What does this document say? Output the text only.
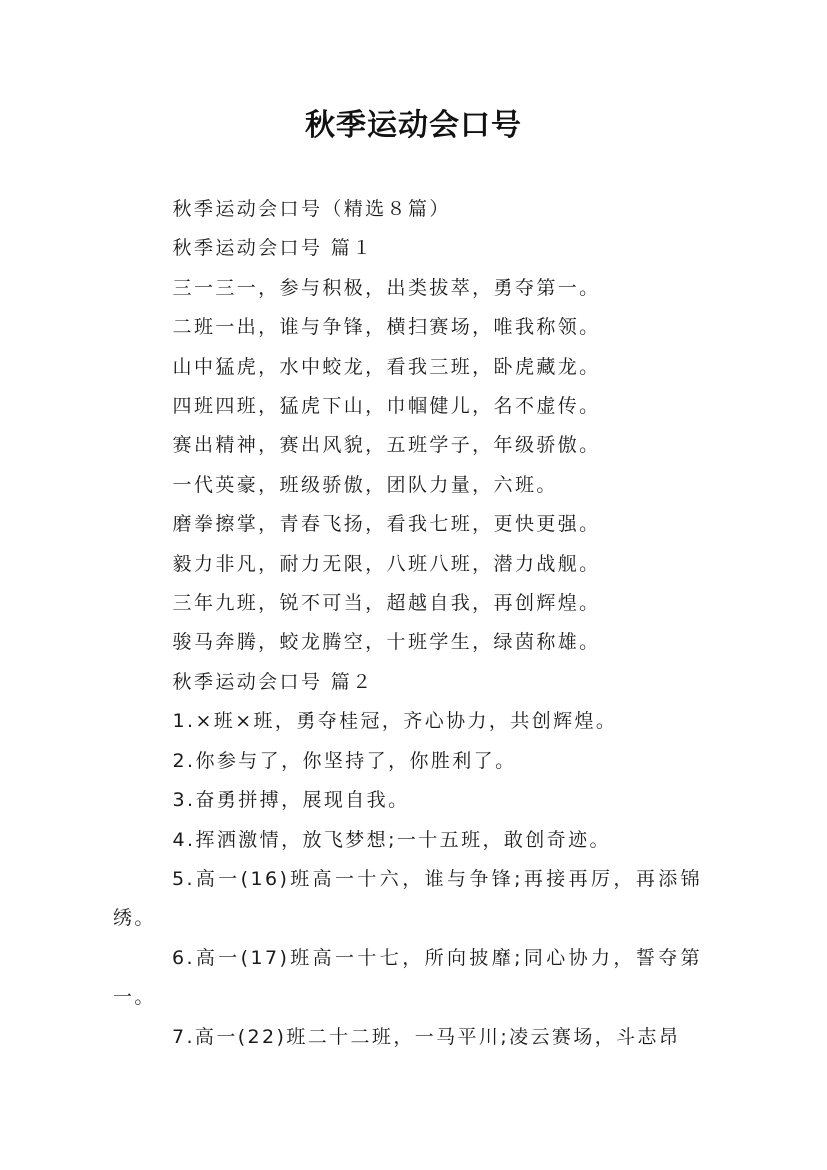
秋季运动会口号

秋季运动会口号（精选８篇）

秋季运动会口号 篇１

三一三一，参与积极，出类拔萃，勇夺第一。

二班一出，谁与争锋，横扫赛场，唯我称领。

山中猛虎，水中蛟龙，看我三班，卧虎藏龙。

四班四班，猛虎下山，巾帼健儿，名不虚传。

赛出精神，赛出风貌，五班学子，年级骄傲。

一代英豪，班级骄傲，团队力量，六班。

磨拳擦掌，青春飞扬，看我七班，更快更强。

毅力非凡，耐力无限，八班八班，潜力战舰。

三年九班，锐不可当，超越自我，再创辉煌。

骏马奔腾，蛟龙腾空，十班学生，绿茵称雄。

秋季运动会口号 篇２

1.×班×班，勇夺桂冠，齐心协力，共创辉煌。

2.你参与了，你坚持了，你胜利了。

3.奋勇拼搏，展现自我。

4.挥洒激情，放飞梦想;一十五班，敢创奇迹。

5.高一(16)班高一十六，谁与争锋;再接再厉，再添锦绣。

6.高一(17)班高一十七，所向披靡;同心协力，誓夺第一。

7.高一(22)班二十二班，一马平川;凌云赛场，斗志昂
